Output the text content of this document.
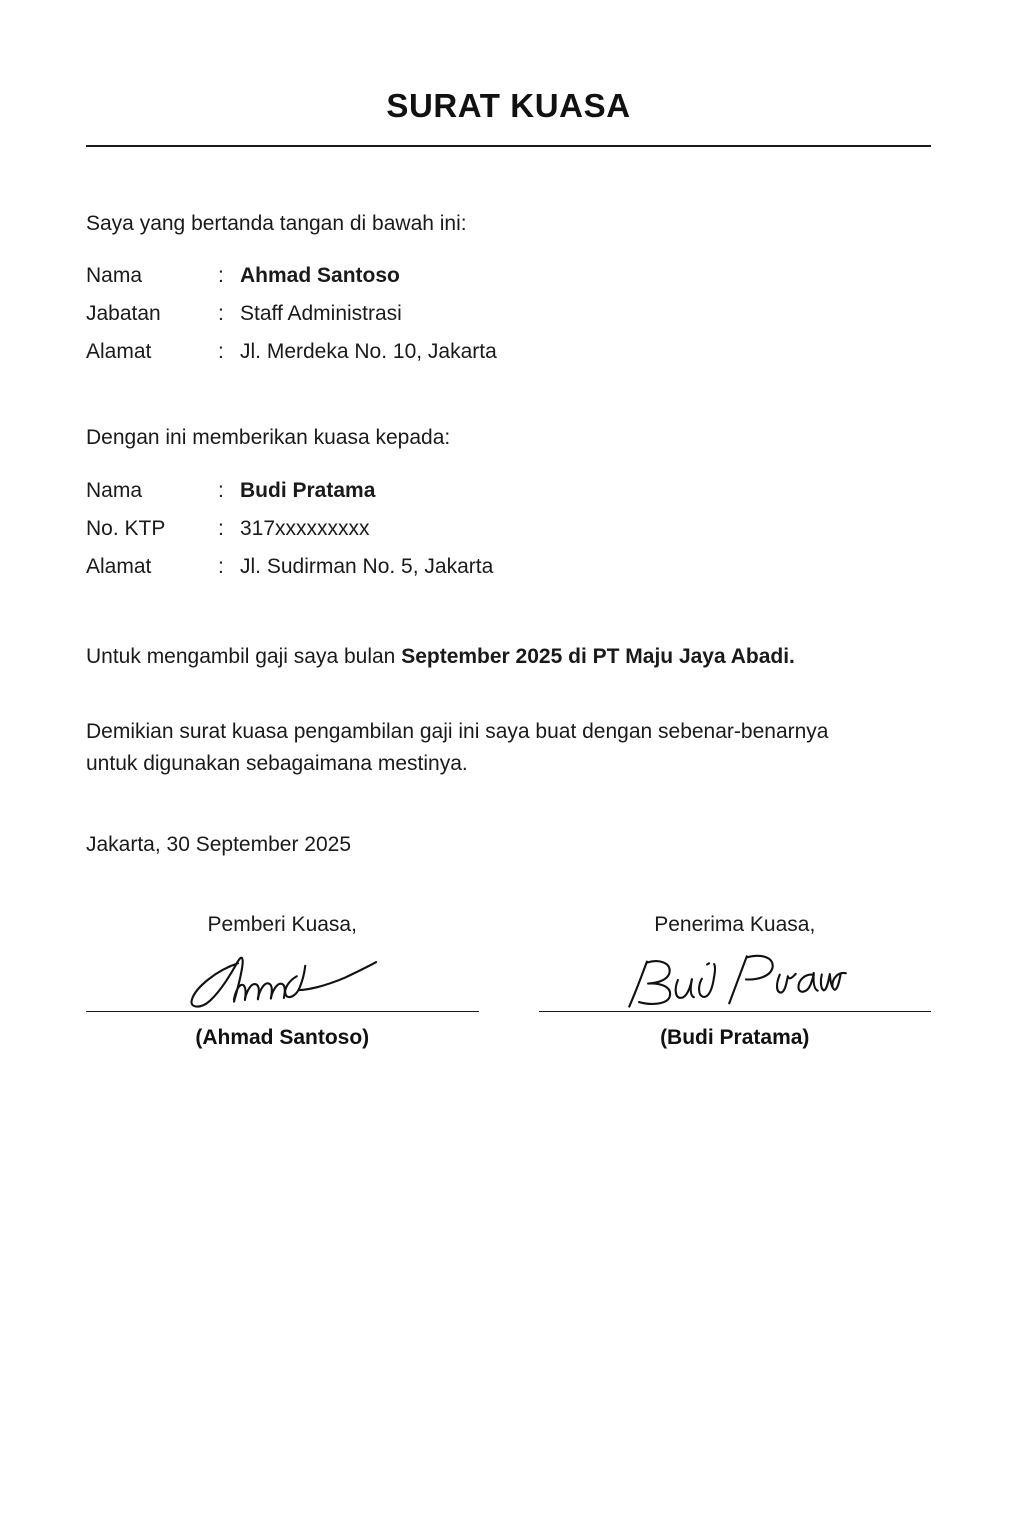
SURAT KUASA
Saya yang bertanda tangan di bawah ini:
Nama	:	Ahmad Santoso
Jabatan	:	Staff Administrasi
Alamat	:	Jl. Merdeka No. 10, Jakarta
Dengan ini memberikan kuasa kepada:
Nama	:	Budi Pratama
No. KTP	:	317xxxxxxxxx
Alamat	:	Jl. Sudirman No. 5, Jakarta
Untuk mengambil gaji saya bulan September 2025 di PT Maju Jaya Abadi.
Demikian surat kuasa pengambilan gaji ini saya buat dengan sebenar-benarnya untuk digunakan sebagaimana mestinya.
Jakarta, 30 September 2025
Pemberi Kuasa,
(Ahmad Santoso)
Penerima Kuasa,
(Budi Pratama)
